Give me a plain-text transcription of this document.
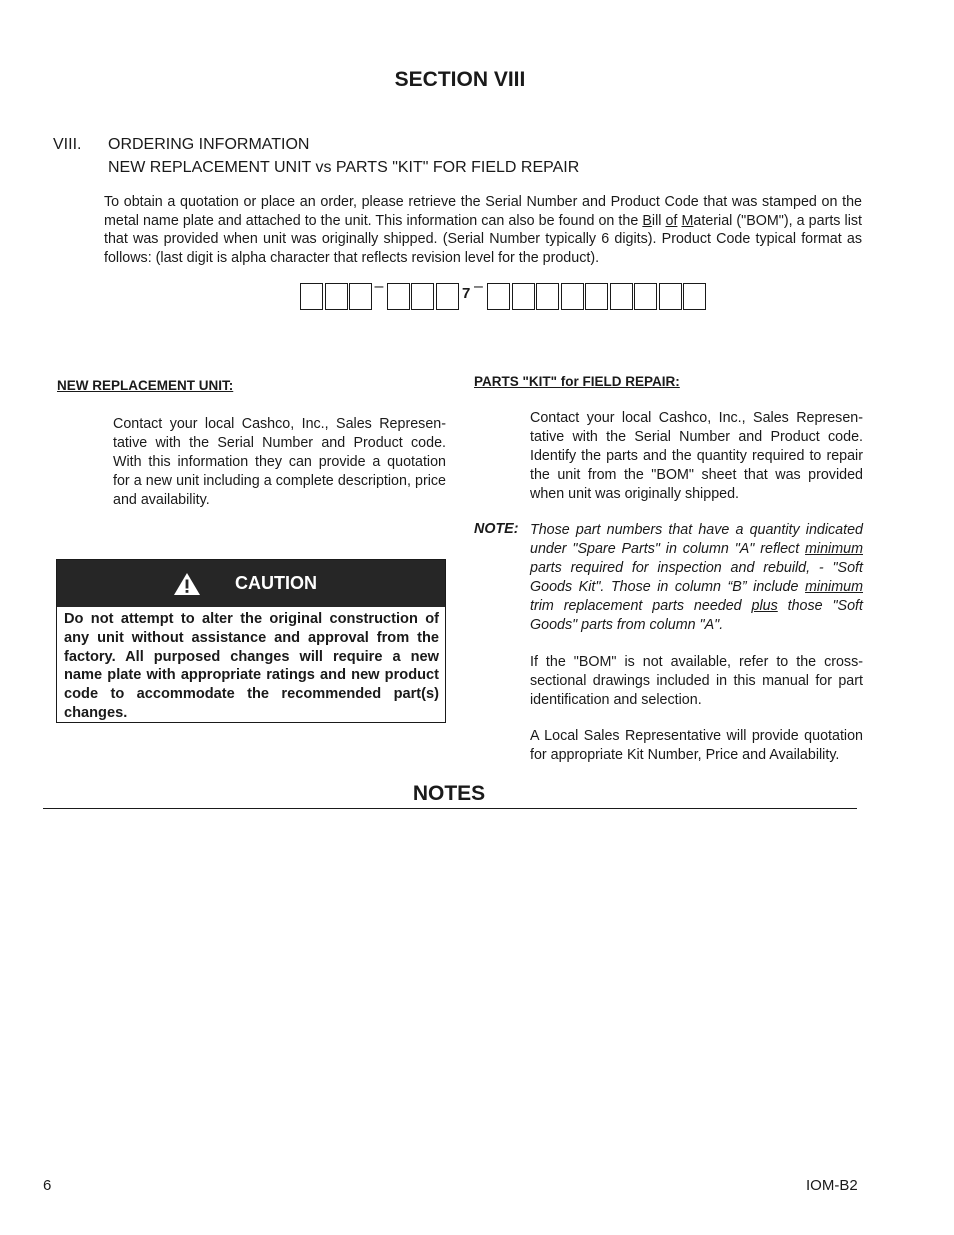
SECTION VIII
VIII. ORDERING INFORMATION
NEW REPLACEMENT UNIT vs PARTS "KIT" FOR FIELD REPAIR

To obtain a quotation or place an order, please retrieve the Serial Number and Product Code that was stamped on the metal name plate and attached to the unit. This information can also be found on the Bill of Material ("BOM"), a parts list that was provided when unit was originally shipped. (Serial Number typically 6 digits). Product Code typical format as follows: (last digit is alpha character that reflects revision level for the product).

–	7 –
NEW REPLACEMENT UNIT:

Contact your local Cashco, Inc., Sales Represen-tative with the Serial Number and Product code. With this information they can provide a quotation for a new unit including a complete description, price and availability.

CAUTION

Do not attempt to alter the original construction of any unit without assistance and approval from the factory. All purposed changes will require a new name plate with appropriate ratings and new product code to accommodate the recommended part(s) changes.

PARTS "KIT" for FIELD REPAIR:

Contact your local Cashco, Inc., Sales Represen-tative with the Serial Number and Product code. Identify the parts and the quantity required to repair the unit from the "BOM" sheet that was provided when unit was originally shipped.

NOTE: Those part numbers that have a quantity indicated under "Spare Parts" in column "A" reflect minimum parts required for inspection and rebuild, - "Soft Goods Kit". Those in column “B” include minimum trim replacement parts needed plus those "Soft Goods" parts from column "A".

If the "BOM" is not available, refer to the cross-sectional drawings included in this manual for part identification and selection.

A Local Sales Representative will provide quotation for appropriate Kit Number, Price and Availability.

NOTES
6	IOM-B2
